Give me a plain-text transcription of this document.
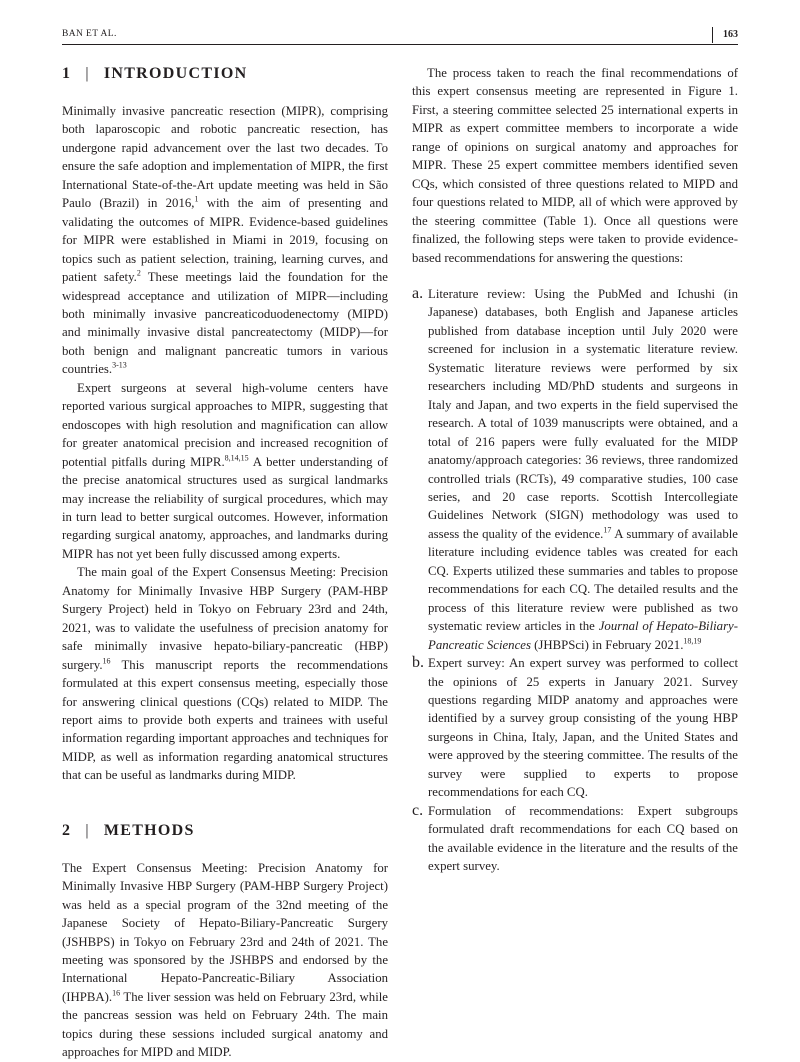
BAN ET AL.	163
1 | INTRODUCTION

Minimally invasive pancreatic resection (MIPR), comprising both laparoscopic and robotic pancreatic resection, has undergone rapid advancement over the last two decades. To ensure the safe adoption and implementation of MIPR, the first International State-of-the-Art update meeting was held in São Paulo (Brazil) in 2016,$^1$ with the aim of presenting and validating the outcomes of MIPR. Evidence-based guidelines for MIPR were established in Miami in 2019, focusing on topics such as patient selection, training, learning curves, and patient safety.$^2$ These meetings laid the foundation for the widespread acceptance and utilization of MIPR—including both minimally invasive pancreaticoduodenectomy (MIPD) and minimally invasive distal pancreatectomy (MIDP)—for both benign and malignant pancreatic tumors in various countries.$^{3-13}$

Expert surgeons at several high-volume centers have reported various surgical approaches to MIPR, suggesting that endoscopes with high resolution and magnification can allow for greater anatomical precision and increased recognition of potential pitfalls during MIPR.$^{8,14,15}$ A better understanding of the precise anatomical structures used as surgical landmarks may increase the reliability of surgical procedures, which may in turn lead to better surgical outcomes. However, information regarding surgical anatomy, approaches, and landmarks during MIPR has not yet been fully discussed among experts.

The main goal of the Expert Consensus Meeting: Precision Anatomy for Minimally Invasive HBP Surgery (PAM-HBP Surgery Project) held in Tokyo on February 23rd and 24th, 2021, was to validate the usefulness of precision anatomy for safe minimally invasive hepato-biliary-pancreatic (HBP) surgery.$^{16}$ This manuscript reports the recommendations formulated at this expert consensus meeting, especially those for answering clinical questions (CQs) related to MIDP. The report aims to provide both experts and trainees with useful information regarding important approaches and techniques for MIDP, as well as information regarding anatomical structures that can be useful as landmarks during MIDP.

2 | METHODS

The Expert Consensus Meeting: Precision Anatomy for Minimally Invasive HBP Surgery (PAM-HBP Surgery Project) was held as a special program of the 32nd meeting of the Japanese Society of Hepato-Biliary-Pancreatic Surgery (JSHBPS) in Tokyo on February 23rd and 24th of 2021. The meeting was sponsored by the JSHBPS and endorsed by the International Hepato-Pancreatic-Biliary Association (IHPBA).$^{16}$ The liver session was held on February 23rd, while the pancreas session was held on February 24th. The main topics during these sessions included surgical anatomy and approaches for MIPD and MIDP.

The process taken to reach the final recommendations of this expert consensus meeting are represented in Figure 1. First, a steering committee selected 25 international experts in MIPR as expert committee members to incorporate a wide range of opinions on surgical anatomy and approaches for MIPR. These 25 expert committee members identified seven CQs, which consisted of three questions related to MIPD and four questions related to MIDP, all of which were approved by the steering committee (Table 1). Once all questions were finalized, the following steps were taken to provide evidence-based recommendations for answering the questions:

a. Literature review: Using the PubMed and Ichushi (in Japanese) databases, both English and Japanese articles published from database inception until July 2020 were screened for inclusion in a systematic literature review. Systematic literature reviews were performed by six researchers including MD/PhD students and surgeons in Italy and Japan, and two experts in the field supervised the research. A total of 1039 manuscripts were obtained, and a total of 216 papers were fully evaluated for the MIDP anatomy/approach categories: 36 reviews, three randomized controlled trials (RCTs), 49 comparative studies, 100 case series, and 20 case reports. Scottish Intercollegiate Guidelines Network (SIGN) methodology was used to assess the quality of the evidence.$^{17}$ A summary of available literature including evidence tables was created for each CQ. Experts utilized these summaries and tables to propose recommendations for each CQ. The detailed results and the process of this literature review were published as two systematic review articles in the Journal of Hepato-Biliary-Pancreatic Sciences (JHBPSci) in February 2021.$^{18,19}$

b. Expert survey: An expert survey was performed to collect the opinions of 25 experts in January 2021. Survey questions regarding MIDP anatomy and approaches were identified by a survey group consisting of the young HBP surgeons in China, Italy, Japan, and the United States and were approved by the steering committee. The results of the survey were supplied to experts to propose recommendations for each CQ.

c. Formulation of recommendations: Expert subgroups formulated draft recommendations for each CQ based on the available evidence in the literature and the results of the expert survey.
